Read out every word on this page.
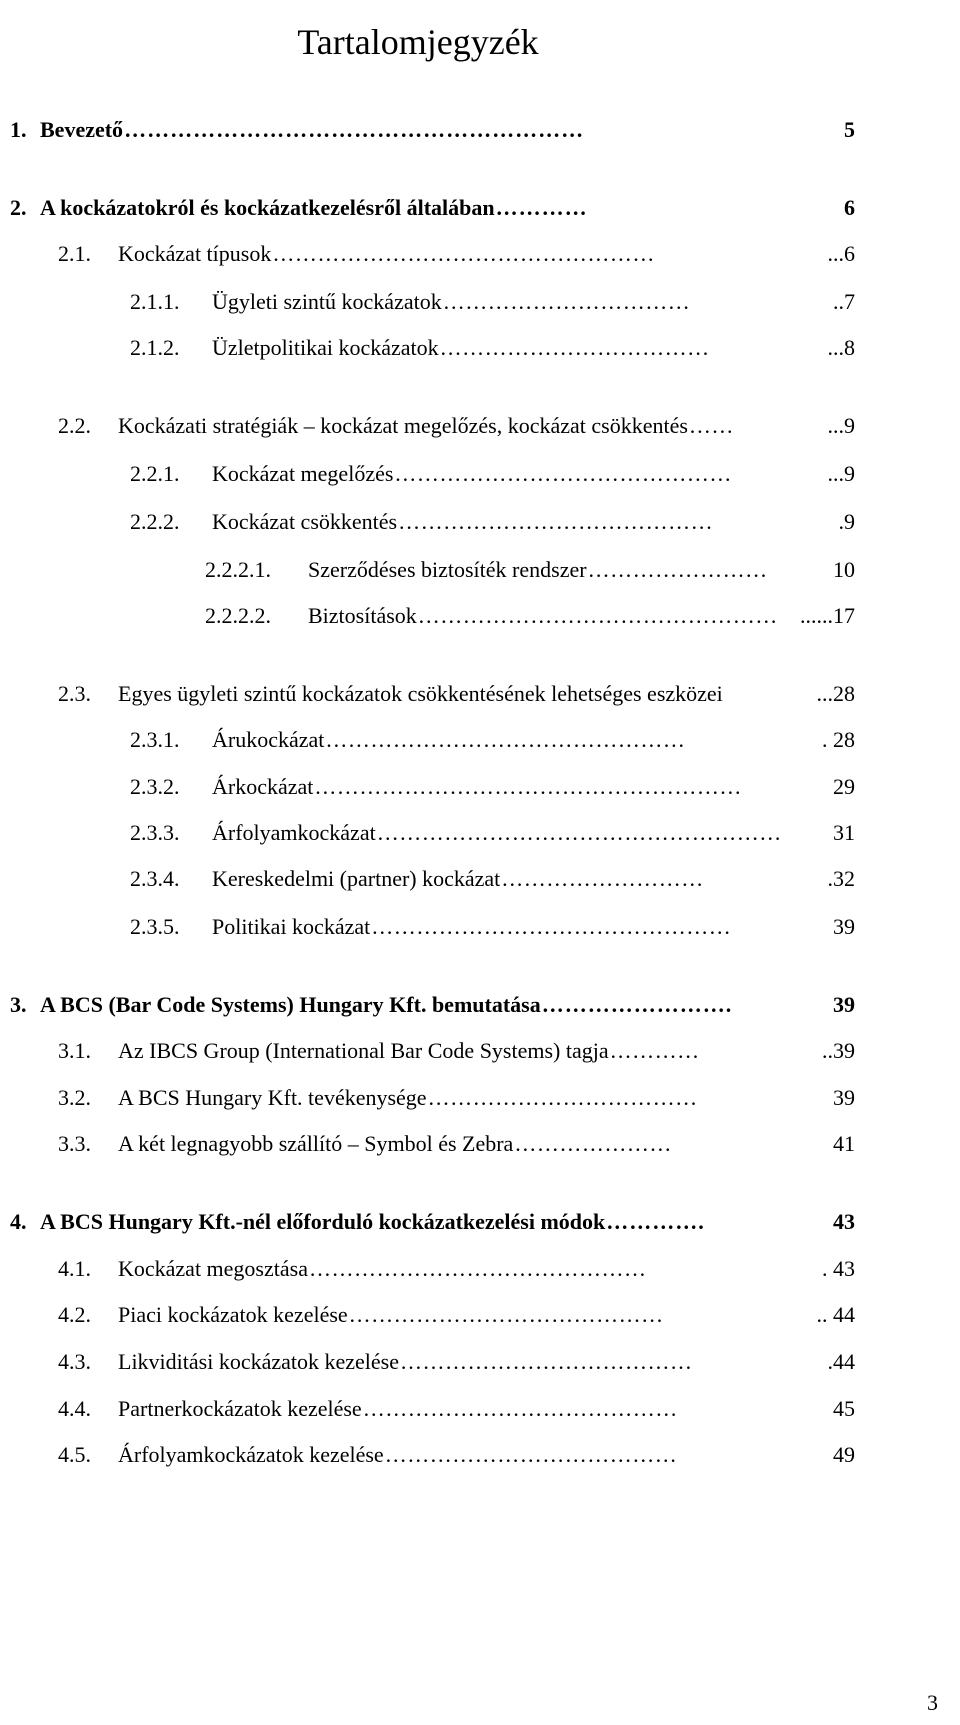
Tartalomjegyzék
1. Bevezető ……………………………………………………	5
2. A kockázatokról és kockázatkezelésről általában …………	6
2.1.	Kockázat típusok ……………………………………………	...6
2.1.1.	Ügyleti szintű kockázatok ……………………………	..7
2.1.2.	Üzletpolitikai kockázatok ………………………………	...8
2.2.	Kockázati stratégiák – kockázat megelőzés, kockázat csökkentés ……	...9
2.2.1.	Kockázat megelőzés ………………………………………	...9
2.2.2.	Kockázat csökkentés ……………………………………	.9
2.2.2.1.	Szerződéses biztosíték rendszer ……………………	10
2.2.2.2.	Biztosítások …………………………………………	......17
2.3.	Egyes ügyleti szintű kockázatok csökkentésének lehetséges eszközei	...28
2.3.1.	Árukockázat …………………………………………	. 28
2.3.2.	Árkockázat …………………………………………………	29
2.3.3.	Árfolyamkockázat ………………………………………………	31
2.3.4.	Kereskedelmi (partner) kockázat ………………………	.32
2.3.5.	Politikai kockázat …………………………………………	39
3. A BCS (Bar Code Systems) Hungary Kft. bemutatása …………………….	39
3.1.	Az IBCS Group (International Bar Code Systems) tagja …………	..39
3.2.	A BCS Hungary Kft. tevékenysége ………………………………	39
3.3.	A két legnagyobb szállító – Symbol és Zebra …………………	41
4. A BCS Hungary Kft.-nél előforduló kockázatkezelési módok ………….	43
4.1.	Kockázat megosztása ………………………………………	. 43
4.2.	Piaci kockázatok kezelése ……………………………………	.. 44
4.3.	Likviditási kockázatok kezelése …………………………………	.44
4.4.	Partnerkockázatok kezelése ……………………………………	45
4.5.	Árfolyamkockázatok kezelése …………………………………	49
3
